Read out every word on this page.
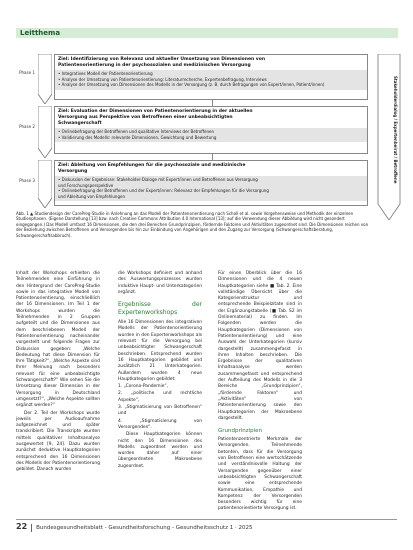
Leitthema
Phase 1
Phase 2
Phase 3
Ziel: Identifizierung von Relevanz und aktueller Umsetzung von Dimensionen von
Patientenorientierung in der psychosozialen und medizinischen Versorgung
• Integratives Modell der Patientenorientierung
• Analyse der Umsetzung von Patientenorientierung: Literaturrecherche, Expertenbefragung, Interviews
• Analyse der Umsetzung von Dimensionen des Modells in der Versorgung (z. B. durch Befragungen von Expert/innen, Patient/innen)
Ziel: Evaluation der Dimensionen von Patientenorientierung in der aktuellen
Versorgung aus Perspektive von Betroffenen einer unbeabsichtigten
Schwangerschaft
• Onlinebefragung der Betroffenen und qualitative Interviews der Betroffenen
• Validierung des Modells: relevante Dimensionen, Gewichtung und Bewertung
Ziel: Ableitung von Empfehlungen für die psychosoziale und medizinische
Versorgung
• Diskussion der Ergebnisse: Stakeholder-Dialoge mit Expert/innen und Betroffenen aus Versorgung
und Forschungsperspektive
• Onlinebefragung der Betroffenen und der Expert/innen: Relevanz der Empfehlungen für die Versorgung
und Ableitung von Empfehlungen
Stakeholderdialog / Expertenbeirat / Betroffene
Abb. 1 ▲ Studiendesign der CarePreg-Studie in Anlehnung an das Modell der Patientenorientierung nach Scholl et al. sowie Vorgehensweise und Methodik der einzelnen Studienphasen. (Eigene Darstellung [13] bzw. nach Creative Commons Attribution 4.0 International [13]; auf die Verwendung dieser Abbildung wird nicht gesondert eingegangen.) Das Modell umfasst 16 Dimensionen, die den drei Bereichen Grundprinzipien, fördernde Faktoren und Aktivitäten zugeordnet sind. Die Dimensionen reichen von der Beziehung zwischen Betroffenen und Versorgenden bis hin zur Einbindung von Angehörigen und den Zugang zur Versorgung (Schwangerschaftsberatung, Schwangerschaftsabbruch).

Inhalt der Workshops erhielten die Teilnehmenden eine Einführung in den Hintergrund der CarePreg-Studie sowie in das integrative Modell von Patientenorientierung, einschließlich der 16 Dimensionen. Im Teil 1 der Workshops wurden die Teilnehmenden in 2 Gruppen aufgeteilt und die Dimensionen aus dem beschriebenen Modell der Patientenorientierung nacheinander vorgestellt und folgende Fragen zur Diskussion gegeben: „Welche Bedeutung hat diese Dimension für Ihre Tätigkeit?“, „Welche Aspekte sind Ihrer Meinung nach besonders relevant für eine unbeabsichtigte Schwangerschaft?“ Wie sehen Sie die Umsetzung dieser Dimension in der Versorgung in Deutschland umgesetzt?“, „Welche Aspekte sollten ergänzt werden?“

Der 2. Teil der Workshops wurde jeweils per Audioaufnahme aufgezeichnet und später transkribiert. Die Transkripte wurden mittels qualitativer Inhaltsanalyse ausgewertet [9, 24]. Dazu wurden zunächst deduktive Hauptkategorien entsprechend den 16 Dimensionen des Modells der Patientenorientierung gebildet. Danach wurden

die Workshops definiert und anhand des Auswertungsprozesses wurden induktive Haupt- und Unterkategorien ergänzt.

Ergebnisse der Expertenworkshops

Alle 16 Dimensionen des integrativen Modells der Patientenorientierung wurden in den Expertenworkshops als relevant für die Versorgung bei unbeabsichtigter Schwangerschaft beschrieben. Entsprechend wurden 16 Hauptkategorien gebildet und zusätzlich 21 Unterkategorien. Außerdem wurden 4 neue Hauptkategorien gebildet:

1. „Corona-Pandemie“,

2. „politische und rechtliche Aspekte“,

3. „Stigmatisierung von Betroffenen“ und

4. „Stigmatisierung von Versorgenden“.

Diese Hauptkategorien können nicht den 16 Dimensionen des Modells zugeordnet werden und wurden daher auf einer übergeordneten Makroebene zugeordnet.

Für einen Überblick über die 16 Dimensionen und die 4 neuen Hauptkategorien siehe ■ Tab. 2. Eine vollständige Übersicht über die Kategorienstruktur und entsprechende Beispielzitate sind in der Ergänzungstabelle (■ Tab. S2 im Onlinematerial) zu finden. Im Folgenden werden die Hauptkategorien (Dimensionen von Patientenorientierung) und eine Auswahl der Unterkategorien (kursiv dargestellt) zusammengefasst in ihren Inhalten beschrieben. Die Ergebnisse der qualitativen Inhaltsanalyse werden zusammengefasst und entsprechend der Aufteilung des Modells in die 3 Bereiche „Grundprinzipien“, „fördernde Faktoren“ und „Aktivitäten“ von Patientenorientierung sowie den Hauptkategorien der Makroebene dargestellt.

Grundprinzipien

Patientenzentrierte Merkmale der Versorgenden. Teilnehmende betonten, dass für die Versorgung von Betroffenen eine wertschätzende und verständnisvolle Haltung der Versorgenden gegenüber einer unbeabsichtigten Schwangerschaft sowie eine entsprechende Kommunikation, Empathie und Kompetenz der Versorgenden besonders wichtig für eine patientenorientierte Versorgung ist.

22 Bundesgesundheitsblatt - Gesundheitsforschung - Gesundheitsschutz 1 · 2025
